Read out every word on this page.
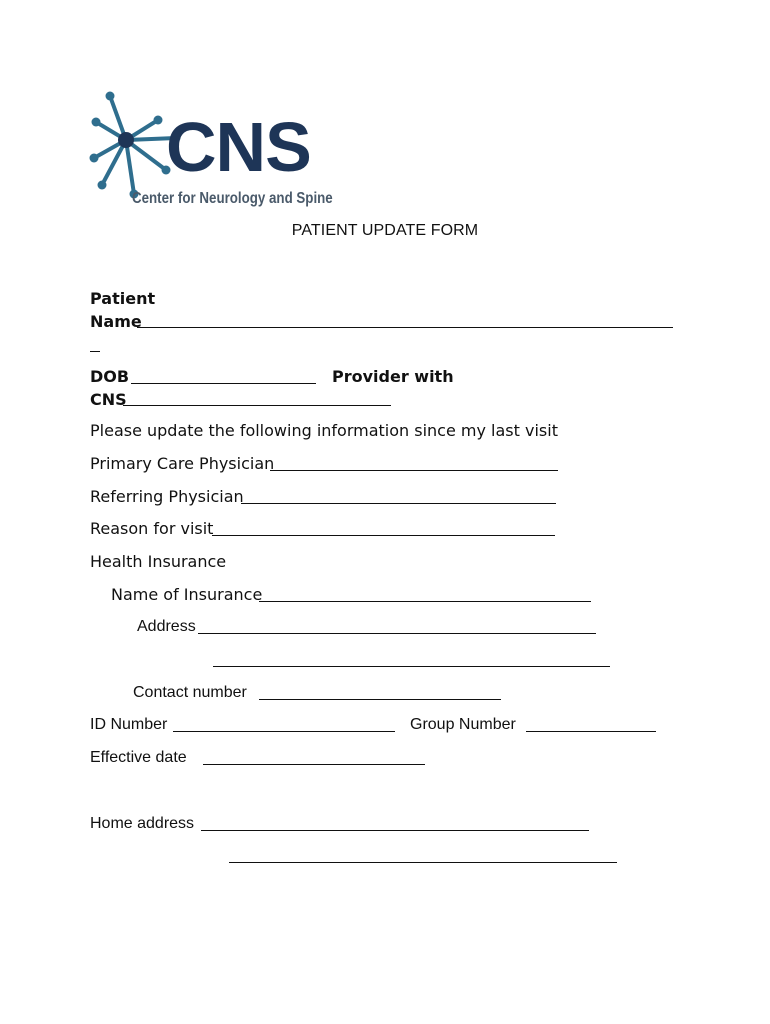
CNS
Center for Neurology and Spine
PATIENT UPDATE FORM
Patient
Name
DOB	Provider with
CNS
Please update the following information since my last visit
Primary Care Physician
Referring Physician
Reason for visit
Health Insurance
Name of Insurance
Address
Contact number
ID Number	Group Number
Effective date
Home address
